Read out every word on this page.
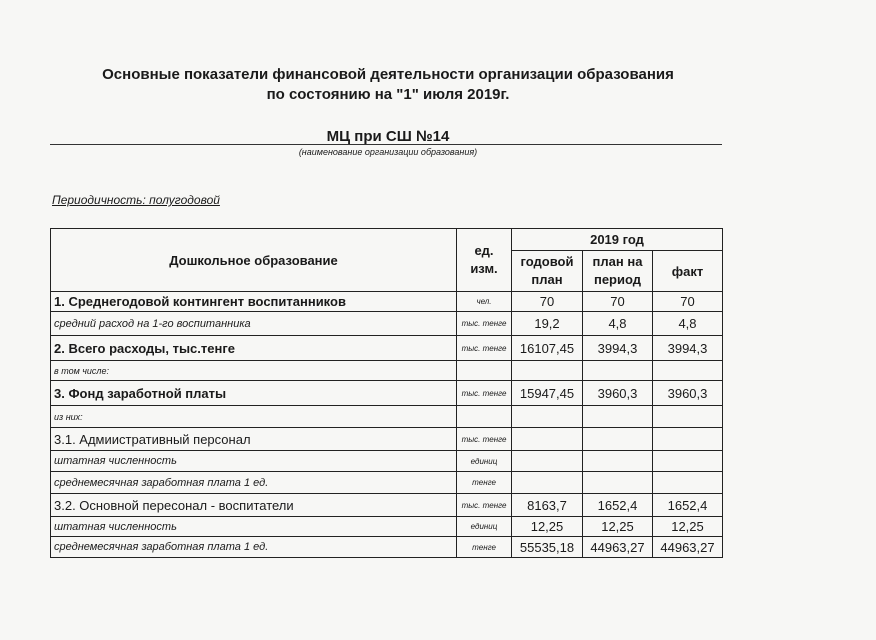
Основные показатели финансовой деятельности организации образования
по состоянию на "1" июля 2019г.
МЦ при СШ №14
(наименование организации образования)
Периодичность: полугодовой
Дошкольное образование	ед. изм.	2019 год		
		годовой план	план на период	факт
1. Среднегодовой контингент воспитанников	чел.	70	70	70
средний расход на 1-го воспитанника	тыс. тенге	19,2	4,8	4,8
2. Всего расходы, тыс.тенге	тыс. тенге	16107,45	3994,3	3994,3
в том числе:				
3. Фонд заработной платы	тыс. тенге	15947,45	3960,3	3960,3
из них:				
3.1. Адмиистративный персонал	тыс. тенге			
штатная численность	единиц			
среднемесячная заработная плата 1 ед.	тенге			
3.2. Основной пересонал - воспитатели	тыс. тенге	8163,7	1652,4	1652,4
штатная численность	единиц	12,25	12,25	12,25
среднемесячная заработная плата 1 ед.	тенге	55535,18	44963,27	44963,27
